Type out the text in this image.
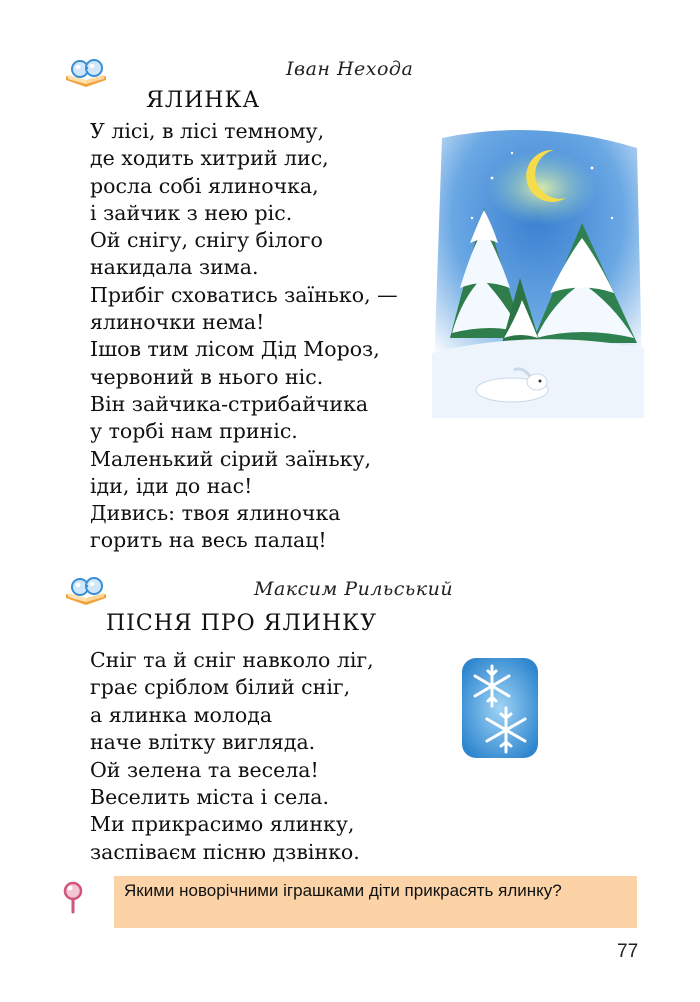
Іван Нехода
ЯЛИНКА
У лісі, в лісі темному,
де ходить хитрий лис,
росла собі ялиночка,
і зайчик з нею ріс.
Ой снігу, снігу білого
накидала зима.
Прибіг сховатись заїнько, —
ялиночки нема!
Ішов тим лісом Дід Мороз,
червоний в нього ніс.
Він зайчика-стрибайчика
у торбі нам приніс.
Маленький сірий заїньку,
іди, іди до нас!
Дивись: твоя ялиночка
горить на весь палац!
Максим Рильський
ПІСНЯ ПРО ЯЛИНКУ
Сніг та й сніг навколо ліг,
грає сріблом білий сніг,
а ялинка молода
наче влітку вигляда.
Ой зелена та весела!
Веселить міста і села.
Ми прикрасимо ялинку,
заспіваєм пісню дзвінко.
Якими новорічними іграшками діти прикрасять ялинку?
77
